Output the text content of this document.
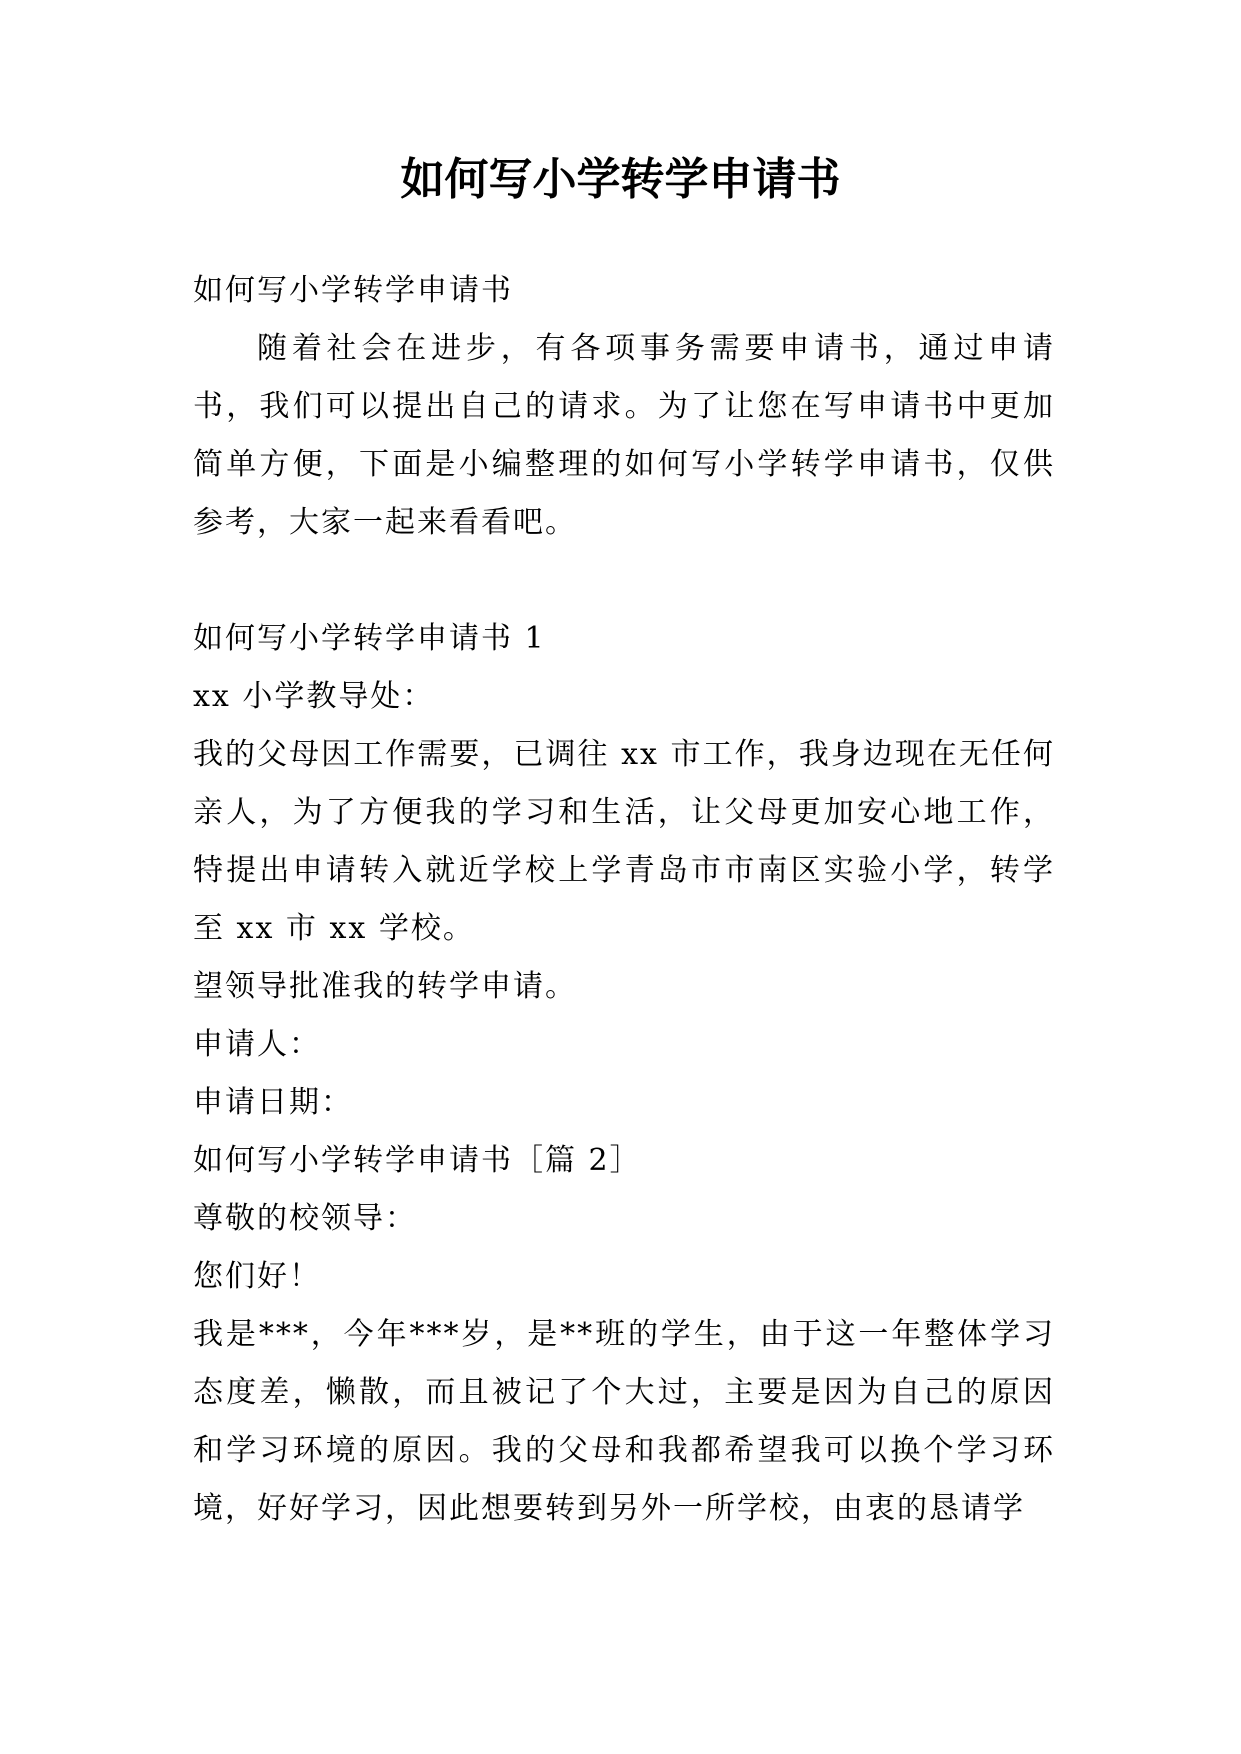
如何写小学转学申请书

如何写小学转学申请书

随着社会在进步，有各项事务需要申请书，通过申请书，我们可以提出自己的请求。为了让您在写申请书中更加简单方便，下面是小编整理的如何写小学转学申请书，仅供参考，大家一起来看看吧。

如何写小学转学申请书 1

xx 小学教导处：

我的父母因工作需要，已调往 xx 市工作，我身边现在无任何亲人，为了方便我的学习和生活，让父母更加安心地工作，特提出申请转入就近学校上学青岛市市南区实验小学，转学至 xx 市 xx 学校。

望领导批准我的转学申请。

申请人：

申请日期：

如何写小学转学申请书［篇 2］

尊敬的校领导：

您们好！

我是***，今年***岁，是**班的学生，由于这一年整体学习态度差，懒散，而且被记了个大过，主要是因为自己的原因和学习环境的原因。我的父母和我都希望我可以换个学习环境，好好学习，因此想要转到另外一所学校，由衷的恳请学
